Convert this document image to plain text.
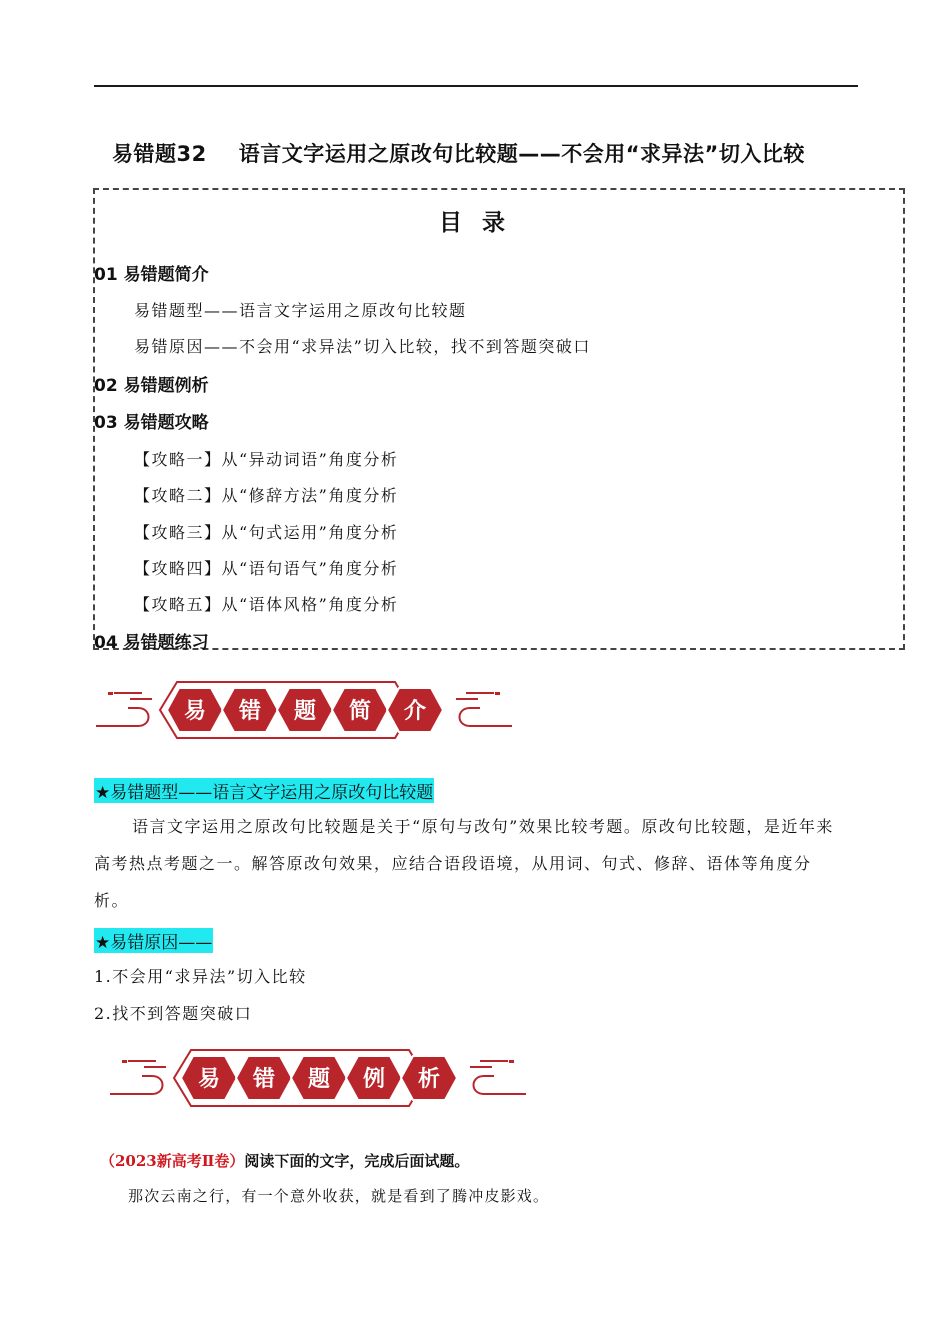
易错题32 语言文字运用之原改句比较题——不会用“求异法”切入比较
目 录
01 易错题简介
易错题型——语言文字运用之原改句比较题
易错原因——不会用“求异法”切入比较，找不到答题突破口
02 易错题例析
03 易错题攻略
【攻略一】从“异动词语”角度分析
【攻略二】从“修辞方法”角度分析
【攻略三】从“句式运用”角度分析
【攻略四】从“语句语气”角度分析
【攻略五】从“语体风格”角度分析
04 易错题练习
易 错 题 简 介
★易错题型——语言文字运用之原改句比较题
语言文字运用之原改句比较题是关于“原句与改句”效果比较考题。原改句比较题，是近年来高考热点考题之一。解答原改句效果，应结合语段语境，从用词、句式、修辞、语体等角度分析。
★易错原因——
1.不会用“求异法”切入比较
2.找不到答题突破口
易 错 题 例 析
（2023新高考Ⅱ卷）阅读下面的文字，完成后面试题。
那次云南之行，有一个意外收获，就是看到了腾冲皮影戏。
